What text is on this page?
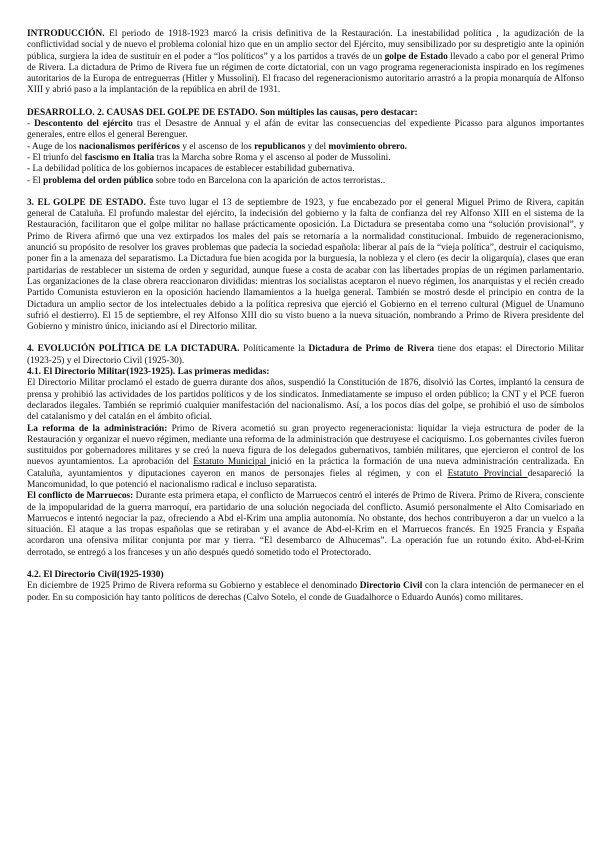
INTRODUCCIÓN. El periodo de 1918-1923 marcó la crisis definitiva de la Restauración. La inestabilidad política , la agudización de la conflictividad social y de nuevo el problema colonial hizo que en un amplio sector del Ejército, muy sensibilizado por su despretigio ante la opinión pública, surgiera la idea de sustituir en el poder a “los políticos” y a los partidos a través de un golpe de Estado llevado a cabo por el general Primo de Rivera. La dictadura de Primo de Rivera fue un régimen de corte dictatorial, con un vago programa regeneracionista inspirado en los regímenes autoritarios de la Europa de entreguerras (Hitler y Mussolini). El fracaso del regeneracionismo autoritario arrastró a la propia monarquía de Alfonso XIII y abrió paso a la implantación de la república en abril de 1931.

DESARROLLO. 2. CAUSAS DEL GOLPE DE ESTADO. Son múltiples las causas, pero destacar:

- Descontento del ejército tras el Desastre de Annual y el afán de evitar las consecuencias del expediente Picasso para algunos importantes generales, entre ellos el general Berenguer.

- Auge de los nacionalismos periféricos y el ascenso de los republicanos y del movimiento obrero.

- El triunfo del fascismo en Italia tras la Marcha sobre Roma y el ascenso al poder de Mussolini.

- La debilidad política de los gobiernos incapaces de establecer estabilidad gubernativa.

- El problema del orden público sobre todo en Barcelona con la aparición de actos terroristas..

3. EL GOLPE DE ESTADO. Éste tuvo lugar el 13 de septiembre de 1923, y fue encabezado por el general Miguel Primo de Rivera, capitán general de Cataluña. El profundo malestar del ejército, la indecisión del gobierno y la falta de confianza del rey Alfonso XIII en el sistema de la Restauración, facilitaron que el golpe militar no hallase prácticamente oposición. La Dictadura se presentaba como una “solución provisional”, y Primo de Rivera afirmó que una vez extirpados los males del país se retornaría a la normalidad constitucional. Imbuido de regeneracionismo, anunció su propósito de resolver los graves problemas que padecía la sociedad española: liberar al país de la “vieja política”, destruir el caciquismo, poner fin a la amenaza del separatismo. La Dictadura fue bien acogida por la burguesía, la nobleza y el clero (es decir la oligarquía), clases que eran partidarias de restablecer un sistema de orden y seguridad, aunque fuese a costa de acabar con las libertades propias de un régimen parlamentario. Las organizaciones de la clase obrera reaccionaron divididas: mientras los socialistas aceptaron el nuevo régimen, los anarquistas y el recién creado Partido Comunista estuvieron en la oposición haciendo llamamientos a la huelga general. También se mostró desde el principio en contra de la Dictadura un amplio sector de los intelectuales debido a la política represiva que ejerció el Gobierno en el terreno cultural (Miguel de Unamuno sufrió el destierro). El 15 de septiembre, el rey Alfonso XIII dio su visto bueno a la nueva situación, nombrando a Primo de Rivera presidente del Gobierno y ministro único, iniciando así el Directorio militar.

4. EVOLUCIÓN POLÍTICA DE LA DICTADURA. Políticamente la Dictadura de Primo de Rivera tiene dos etapas: el Directorio Militar (1923-25) y el Directorio Civil (1925-30).

4.1. El Directorio Militar(1923-1925). Las primeras medidas:

El Directorio Militar proclamó el estado de guerra durante dos años, suspendió la Constitución de 1876, disolvió las Cortes, implantó la censura de prensa y prohibió las actividades de los partidos políticos y de los sindicatos. Inmediatamente se impuso el orden público; la CNT y el PCE fueron declarados ilegales. También se reprimió cualquier manifestación del nacionalismo. Así, a los pocos días del golpe, se prohibió el uso de símbolos del catalanismo y del catalán en el ámbito oficial.

La reforma de la administración: Primo de Rivera acometió su gran proyecto regeneracionista: liquidar la vieja estructura de poder de la Restauración y organizar el nuevo régimen, mediante una reforma de la administración que destruyese el caciquismo. Los gobernantes civiles fueron sustituidos por gobernadores militares y se creó la nueva figura de los delegados gubernativos, también militares, que ejercieron el control de los nuevos ayuntamientos. La aprobación del Estatuto Municipal inició en la práctica la formación de una nueva administración centralizada. En Cataluña, ayuntamientos y diputaciones cayeron en manos de personajes fieles al régimen, y con el Estatuto Provincial desapareció la Mancomunidad, lo que potenció el nacionalismo radical e incluso separatista.

El conflicto de Marruecos: Durante esta primera etapa, el conflicto de Marruecos centró el interés de Primo de Rivera. Primo de Rivera, consciente de la impopularidad de la guerra marroquí, era partidario de una solución negociada del conflicto. Asumió personalmente el Alto Comisariado en Marruecos e intentó negociar la paz, ofreciendo a Abd el-Krim una amplia autonomía. No obstante, dos hechos contribuyeron a dar un vuelco a la situación. El ataque a las tropas españolas que se retiraban y el avance de Abd-el-Krim en el Marruecos francés. En 1925 Francia y España acordaron una ofensiva militar conjunta por mar y tierra. “El desembarco de Alhucemas”. La operación fue un rotundo éxito. Abd-el-Krim derrotado, se entregó a los franceses y un año después quedó sometido todo el Protectorado.

4.2. El Directorio Civil(1925-1930)

En diciembre de 1925 Primo de Rivera reforma su Gobierno y establece el denominado Directorio Civil con la clara intención de permanecer en el poder. En su composición hay tanto políticos de derechas (Calvo Sotelo, el conde de Guadalhorce o Eduardo Aunós) como militares.
